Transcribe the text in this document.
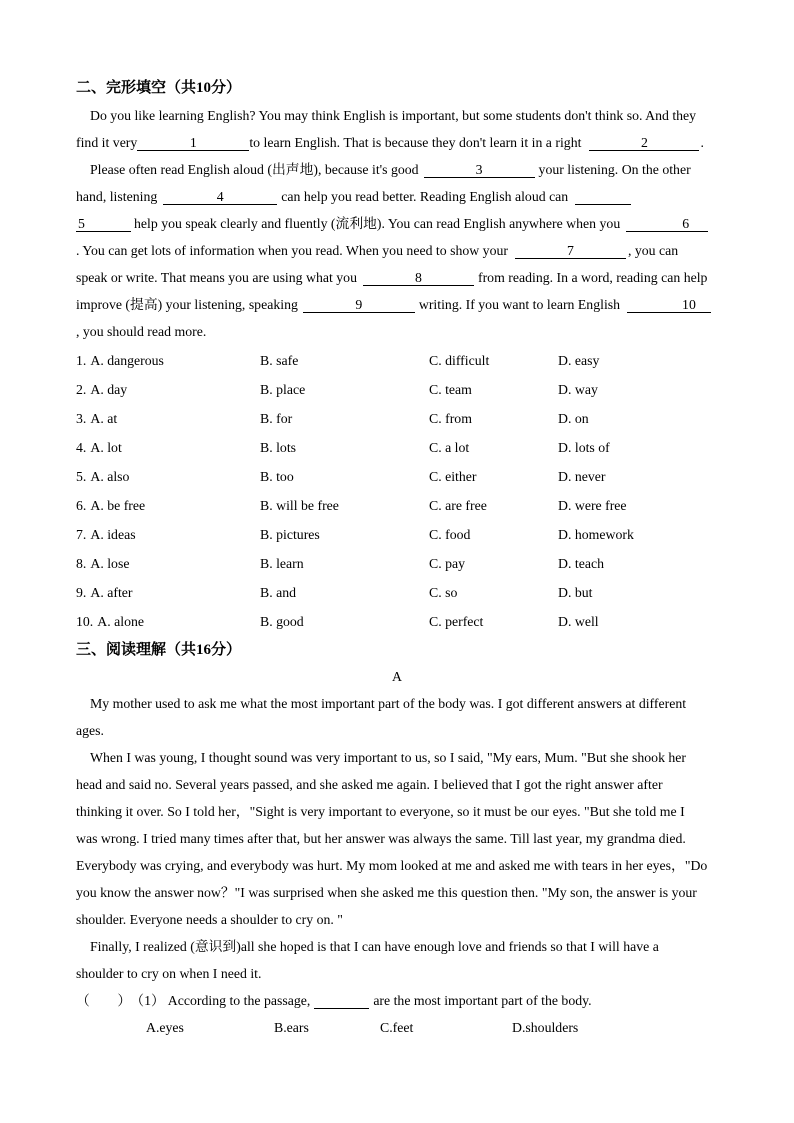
二、完形填空（共10分）
Do you like learning English? You may think English is important, but some students don't think so. And they
find it very	1	to learn English. That is because they don't learn it in a right	2	.
Please often read English aloud (出声地), because it's good	3	your listening. On the other
hand, listening	4	can help you read better. Reading English aloud can
5	help you speak clearly and fluently (流利地). You can read English anywhere when you	6
. You can get lots of information when you read. When you need to show your	7	, you can
speak or write. That means you are using what you	8	from reading. In a word, reading can help
improve (提高) your listening, speaking	9	writing. If you want to learn English	10
, you should read more.
1. A. dangerous	B. safe	C. difficult	D. easy
2. A. day	B. place	C. team	D. way
3. A. at	B. for	C. from	D. on
4. A. lot	B. lots	C. a lot	D. lots of
5. A. also	B. too	C. either	D. never
6. A. be free	B. will be free	C. are free	D. were free
7. A. ideas	B. pictures	C. food	D. homework
8. A. lose	B. learn	C. pay	D. teach
9. A. after	B. and	C. so	D. but
10. A. alone	B. good	C. perfect	D. well
三、阅读理解（共16分）
A
My mother used to ask me what the most important part of the body was. I got different answers at different
ages.
When I was young, I thought sound was very important to us, so I said, "My ears, Mum. "But she shook her
head and said no. Several years passed, and she asked me again. I believed that I got the right answer after
thinking it over. So I told her，"Sight is very important to everyone, so it must be our eyes. "But she told me I
was wrong. I tried many times after that, but her answer was always the same. Till last year, my grandma died.
Everybody was crying, and everybody was hurt. My mom looked at me and asked me with tears in her eyes，"Do
you know the answer now？"I was surprised when she asked me this question then. "My son, the answer is your
shoulder. Everyone needs a shoulder to cry on. "
Finally, I realized (意识到)all she hoped is that I can have enough love and friends so that I will have a
shoulder to cry on when I need it.
（　　） （1） According to the passage,	are the most important part of the body.
A.eyes	B.ears	C.feet	D.shoulders
